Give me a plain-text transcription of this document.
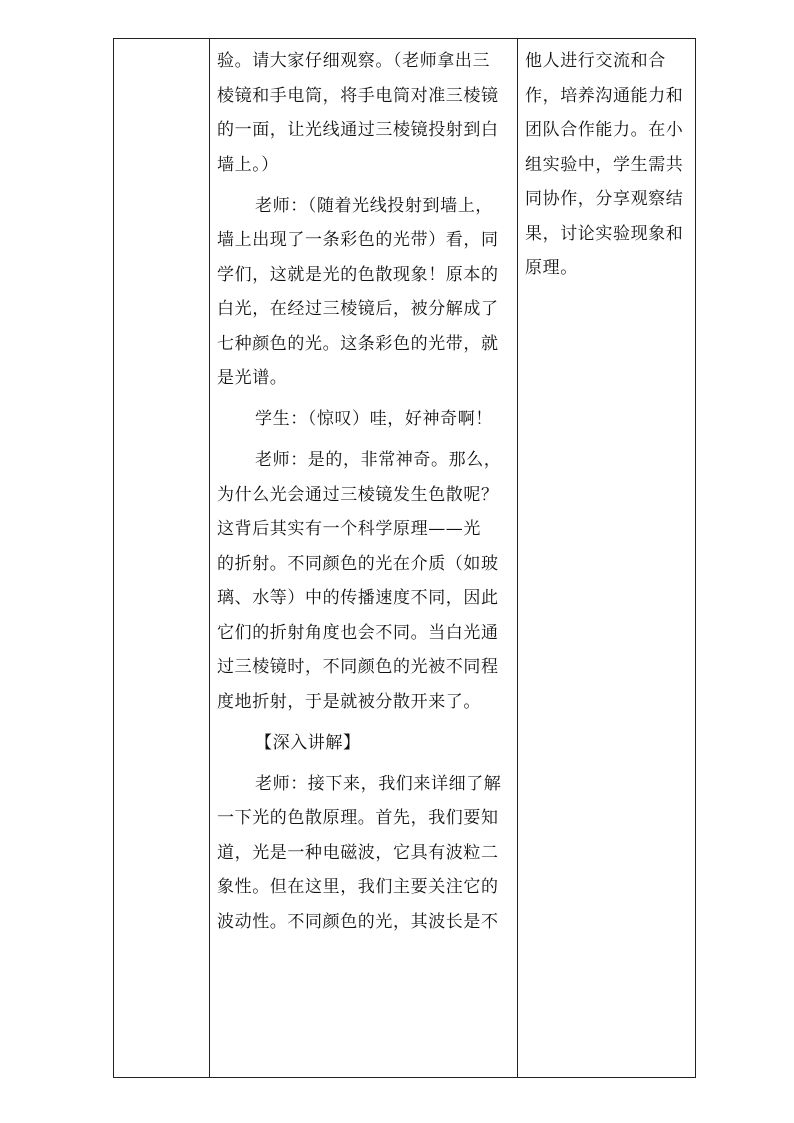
验。请大家仔细观察。（老师拿出三
棱镜和手电筒，将手电筒对准三棱镜
的一面，让光线通过三棱镜投射到白
墙上。）
老师：（随着光线投射到墙上，
墙上出现了一条彩色的光带）看，同
学们，这就是光的色散现象！原本的
白光，在经过三棱镜后，被分解成了
七种颜色的光。这条彩色的光带，就
是光谱。
学生：（惊叹）哇，好神奇啊！
老师：是的，非常神奇。那么，
为什么光会通过三棱镜发生色散呢？
这背后其实有一个科学原理——光
的折射。不同颜色的光在介质（如玻
璃、水等）中的传播速度不同，因此
它们的折射角度也会不同。当白光通
过三棱镜时，不同颜色的光被不同程
度地折射，于是就被分散开来了。
【深入讲解】
老师：接下来，我们来详细了解
一下光的色散原理。首先，我们要知
道，光是一种电磁波，它具有波粒二
象性。但在这里，我们主要关注它的
波动性。不同颜色的光，其波长是不
他人进行交流和合
作，培养沟通能力和
团队合作能力。在小
组实验中，学生需共
同协作，分享观察结
果，讨论实验现象和
原理。
